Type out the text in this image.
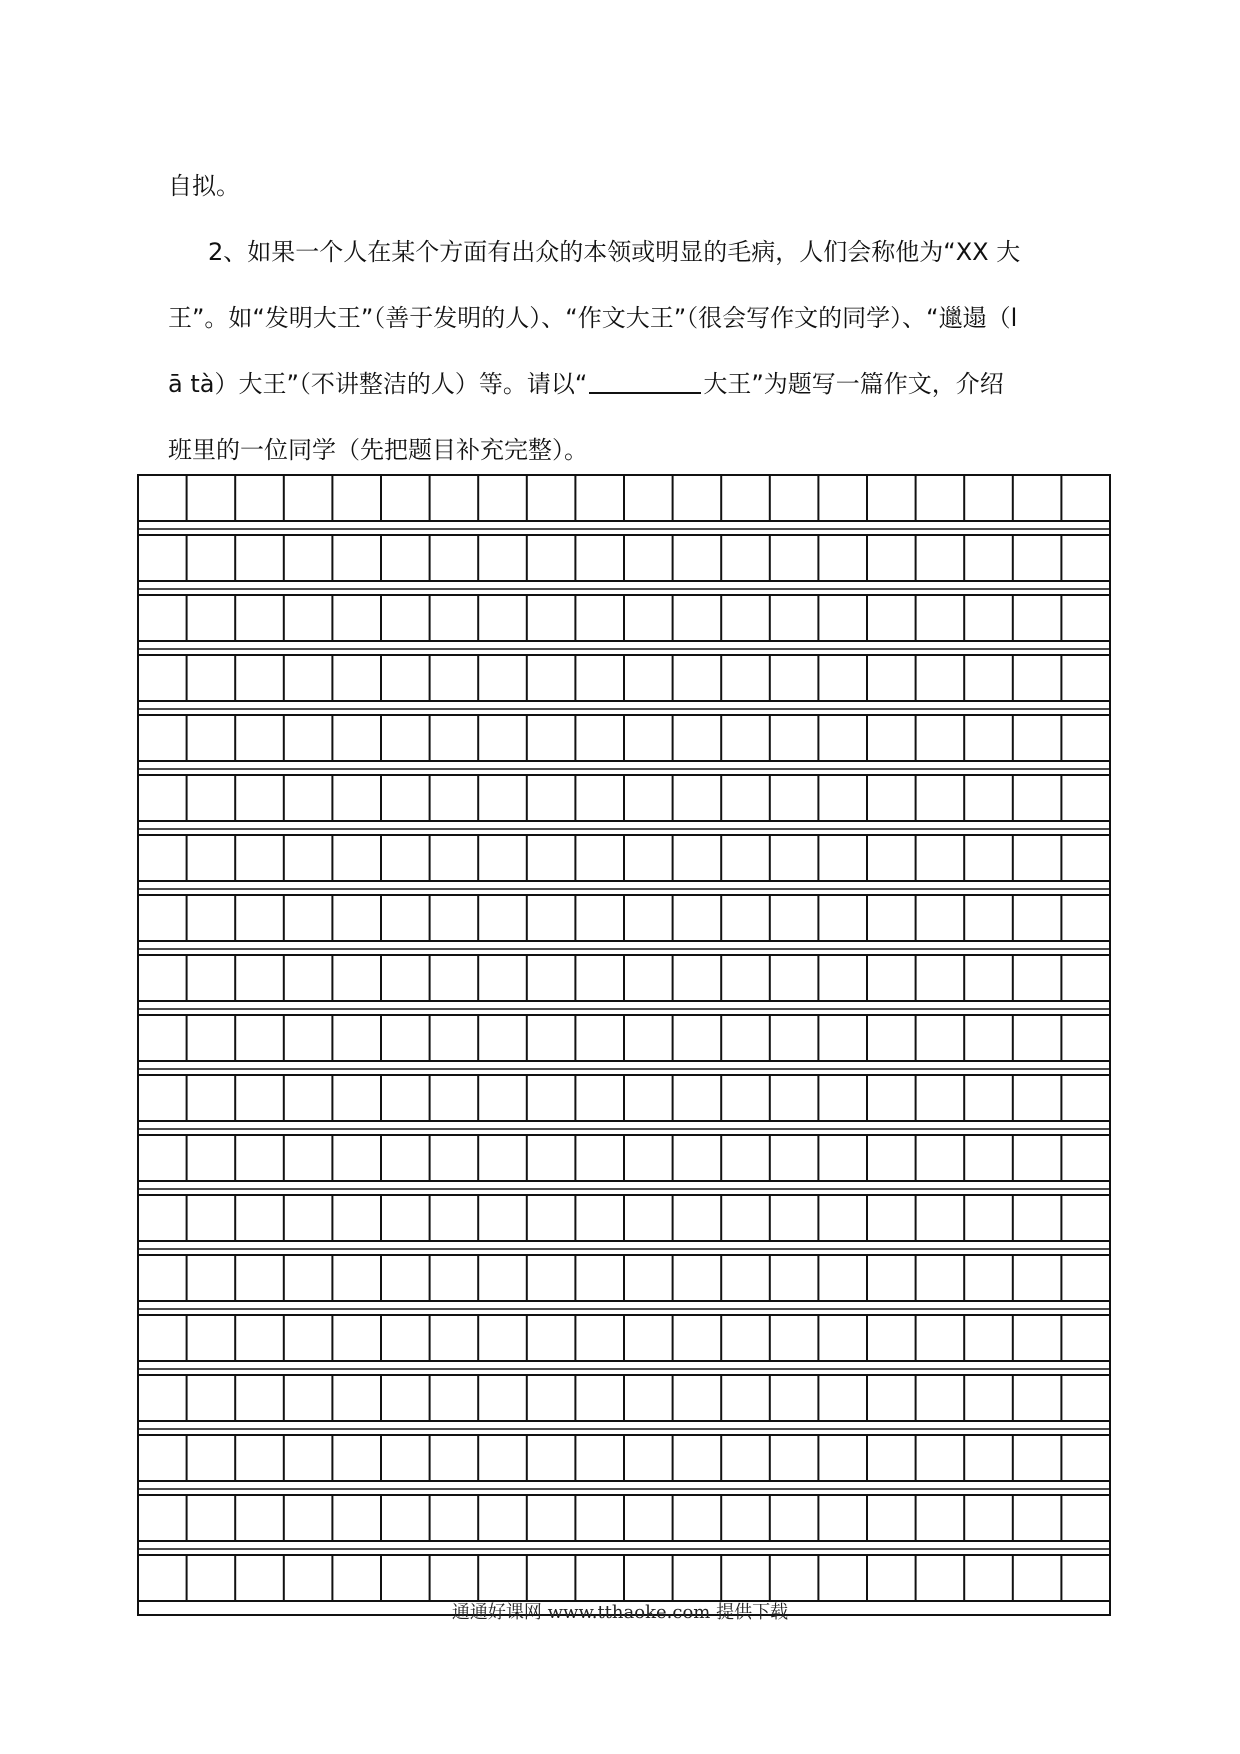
自拟。
2、如果一个人在某个方面有出众的本领或明显的毛病，人们会称他为“XX 大
王”。如“发明大王”（善于发明的人）、“作文大王”（很会写作文的同学）、“邋遢（l
ā tà）大王”（不讲整洁的人）等。请以“	大王”为题写一篇作文，介绍
班里的一位同学（先把题目补充完整）。
通通好课网 www.tthaoke.com 提供下载
